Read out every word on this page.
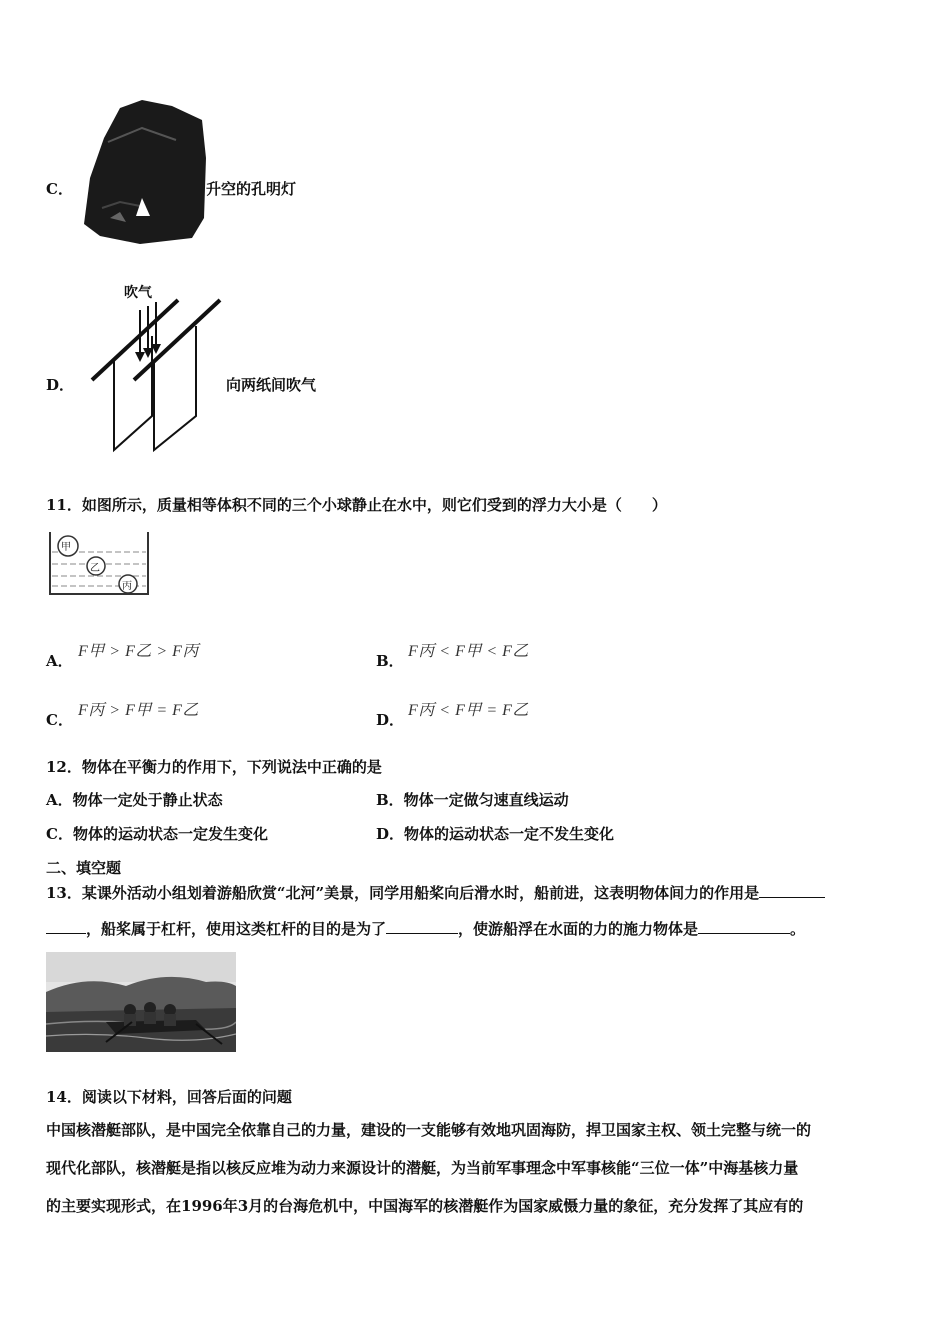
C．	升空的孔明灯
D．
吹气
向两纸间吹气
11．如图所示，质量相等体积不同的三个小球静止在水中，则它们受到的浮力大小是（　　）
甲
乙
丙
A．
F甲 > F乙 > F丙
B．
F丙 < F甲 < F乙
C．
F丙 > F甲 = F乙
D．
F丙 < F甲 = F乙
12．物体在平衡力的作用下，下列说法中正确的是
A．物体一定处于静止状态	B．物体一定做匀速直线运动
C．物体的运动状态一定发生变化	D．物体的运动状态一定不发生变化
二、填空题
13．某课外活动小组划着游船欣赏“北河”美景，同学用船桨向后滑水时，船前进，这表明物体间力的作用是
，船桨属于杠杆，使用这类杠杆的目的是为了	，使游船浮在水面的力的施力物体是	。
14．阅读以下材料，回答后面的问题
中国核潜艇部队，是中国完全依靠自己的力量，建设的一支能够有效地巩固海防，捍卫国家主权、领土完整与统一的
现代化部队，核潜艇是指以核反应堆为动力来源设计的潜艇，为当前军事理念中军事核能“三位一体”中海基核力量
的主要实现形式，在1996年3月的台海危机中，中国海军的核潜艇作为国家威慑力量的象征，充分发挥了其应有的
